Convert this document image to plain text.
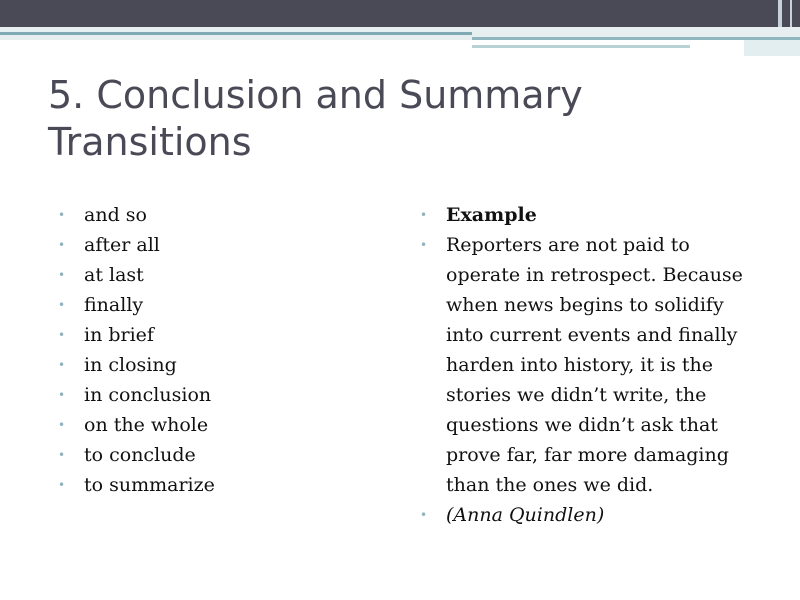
5. Conclusion and Summary
Transitions
• and so
• after all
• at last
• finally
• in brief
• in closing
• in conclusion
• on the whole
• to conclude
• to summarize
• Example
• Reporters are not paid to operate in retrospect. Because when news begins to solidify into current events and finally harden into history, it is the stories we didn’t write, the questions we didn’t ask that prove far, far more damaging than the ones we did.
• (Anna Quindlen)
